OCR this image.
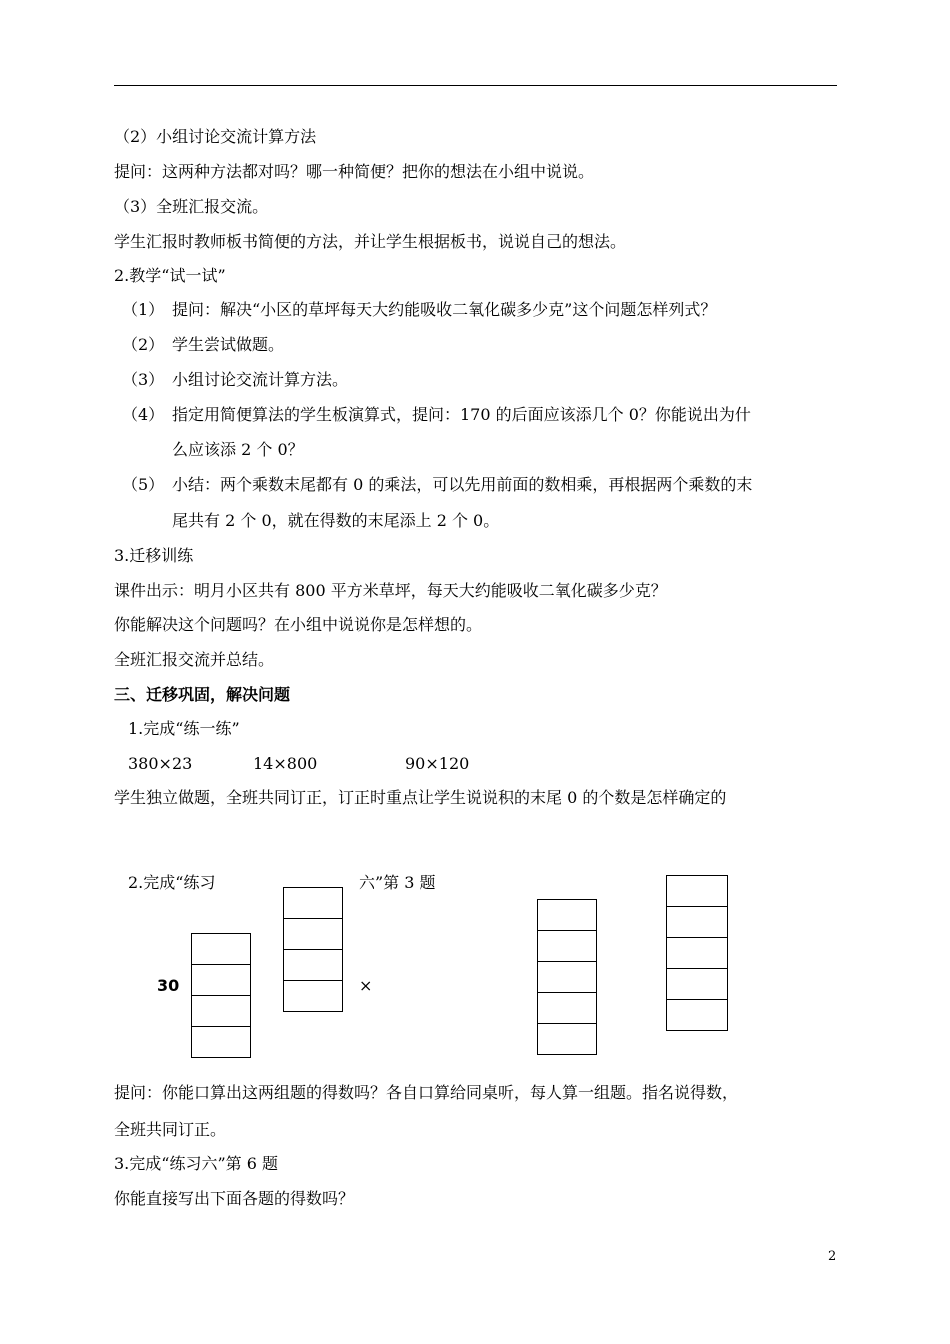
（2）小组讨论交流计算方法
提问：这两种方法都对吗？哪一种简便？把你的想法在小组中说说。
（3）全班汇报交流。
学生汇报时教师板书简便的方法，并让学生根据板书，说说自己的想法。
2.教学“试一试”
（1） 提问：解决“小区的草坪每天大约能吸收二氧化碳多少克”这个问题怎样列式？
（2） 学生尝试做题。
（3） 小组讨论交流计算方法。
（4） 指定用简便算法的学生板演算式，提问：170 的后面应该添几个 0？你能说出为什
么应该添 2 个 0？
（5） 小结：两个乘数末尾都有 0 的乘法，可以先用前面的数相乘，再根据两个乘数的末
尾共有 2 个 0，就在得数的末尾添上 2 个 0。
3.迁移训练
课件出示：明月小区共有 800 平方米草坪，每天大约能吸收二氧化碳多少克？
你能解决这个问题吗？在小组中说说你是怎样想的。
全班汇报交流并总结。
三、迁移巩固，解决问题
1.完成“练一练”
380×23	14×800	90×120
学生独立做题，全班共同订正，订正时重点让学生说说积的末尾 0 的个数是怎样确定的
2.完成“练习	六”第 3 题
30	×
提问：你能口算出这两组题的得数吗？各自口算给同桌听，每人算一组题。指名说得数，
全班共同订正。
3.完成“练习六”第 6 题
你能直接写出下面各题的得数吗？
2
